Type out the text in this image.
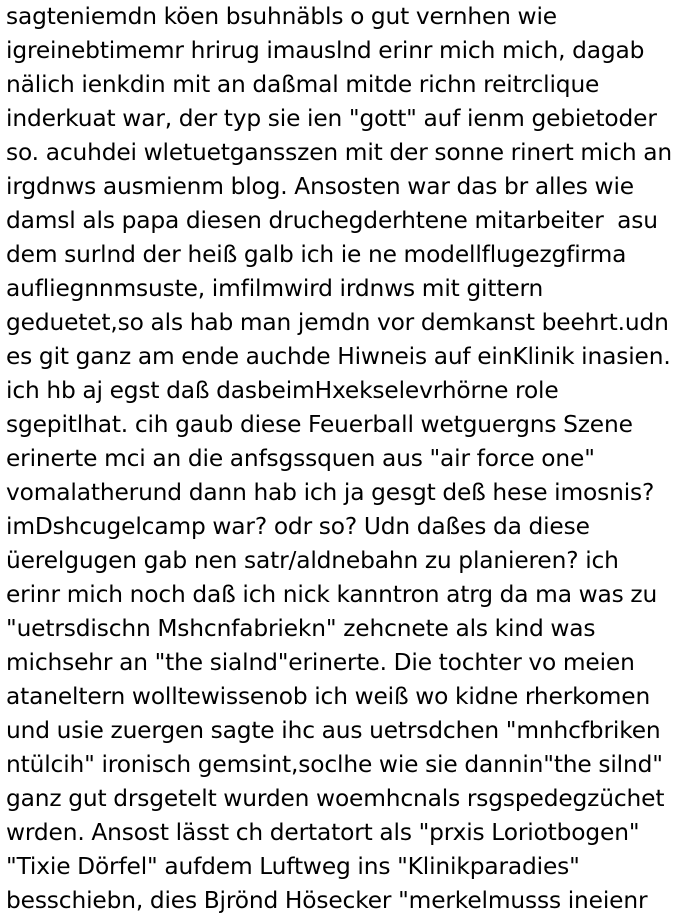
sagteniemdn köen bsuhnäbls o gut vernhen wie
igreinebtimemr hrirug imauslnd erinr mich mich, dagab
nälich ienkdin mit an daßmal mitde richn reitrclique
inderkuat war, der typ sie ien "gott" auf ienm gebietoder
so. acuhdei wletuetgansszen mit der sonne rinert mich an
irgdnws ausmienm blog. Ansosten war das br alles wie
damsl als papa diesen druchegderhtene mitarbeiter  asu
dem surlnd der heiß galb ich ie ne modellflugezgfirma
aufliegnnmsuste, imfilmwird irdnws mit gittern
geduetet,so als hab man jemdn vor demkanst beehrt.udn
es git ganz am ende auchde Hiwneis auf einKlinik inasien.
ich hb aj egst daß dasbeimHxekselevrhörne role
sgepitlhat. cih gaub diese Feuerball wetguergns Szene
erinerte mci an die anfsgssquen aus "air force one"
vomalatherund dann hab ich ja gesgt deß hese imosnis?
imDshcugelcamp war? odr so? Udn daßes da diese
üerelgugen gab nen satr/aldnebahn zu planieren? ich
erinr mich noch daß ich nick kanntron atrg da ma was zu
"uetrsdischn Mshcnfabriekn" zehcnete als kind was
michsehr an "the sialnd"erinerte. Die tochter vo meien
ataneltern wolltewissenob ich weiß wo kidne rherkomen
und usie zuergen sagte ihc aus uetrsdchen "mnhcfbriken
ntülcih" ironisch gemsint,soclhe wie sie dannin"the silnd"
ganz gut drsgetelt wurden woemhcnals rsgspedegzüchet
wrden. Ansost lässt ch dertatort als "prxis Loriotbogen"
"Tixie Dörfel" aufdem Luftweg ins "Klinikparadies"
besschiebn, dies Bjrönd Hösecker "merkelmusss ineienr
